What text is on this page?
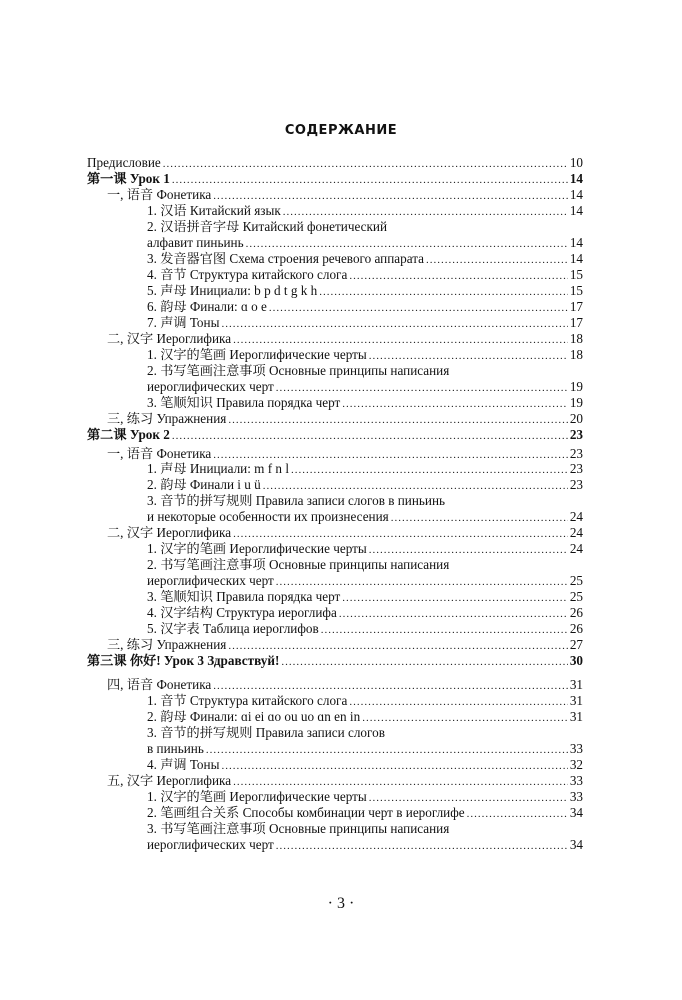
СОДЕРЖАНИЕ
Предисловие .....	10
第一课 Урок 1 .....	14
一, 语音 Фонетика .....	14
1. 汉语 Китайский язык .....	14
2. 汉语拼音字母 Китайский фонетический
алфавит пиньинь .....	14
3. 发音器官图 Схема строения речевого аппарата .....	14
4. 音节 Структура китайского слога .....	15
5. 声母 Инициали: b p d t g k h .....	15
6. 韵母 Финали: ɑ o e .....	17
7. 声调 Тоны .....	17
二, 汉字 Иероглифика .....	18
1. 汉字的笔画 Иероглифические черты .....	18
2. 书写笔画注意事项 Основные принципы написания
иероглифических черт .....	19
3. 笔顺知识 Правила порядка черт .....	19
三, 练习 Упражнения .....	20
第二课 Урок 2 .....	23
一, 语音 Фонетика .....	23
1. 声母 Инициали: m f n l .....	23
2. 韵母 Финали i u ü .....	23
3. 音节的拼写规则 Правила записи слогов в пиньинь
и некоторые особенности их произнесения .....	24
二, 汉字 Иероглифика .....	24
1. 汉字的笔画 Иероглифические черты .....	24
2. 书写笔画注意事项 Основные принципы написания
иероглифических черт .....	25
3. 笔顺知识 Правила порядка черт .....	25
4. 汉字结构 Структура иероглифа .....	26
5. 汉字表 Таблица иероглифов .....	26
三, 练习 Упражнения .....	27
第三课 你好! Урок 3 Здравствуй! .....	30
四, 语音 Фонетика .....	31
1. 音节 Структура китайского слога .....	31
2. 韵母 Финали: ɑi ei ɑo ou uo ɑn en in .....	31
3. 音节的拼写规则 Правила записи слогов
в пиньинь .....	33
4. 声调 Тоны .....	32
五, 汉字 Иероглифика .....	33
1. 汉字的笔画 Иероглифические черты .....	33
2. 笔画组合关系 Способы комбинации черт в иероглифе .....	34
3. 书写笔画注意事项 Основные принципы написания
иероглифических черт .....	34
· 3 ·
